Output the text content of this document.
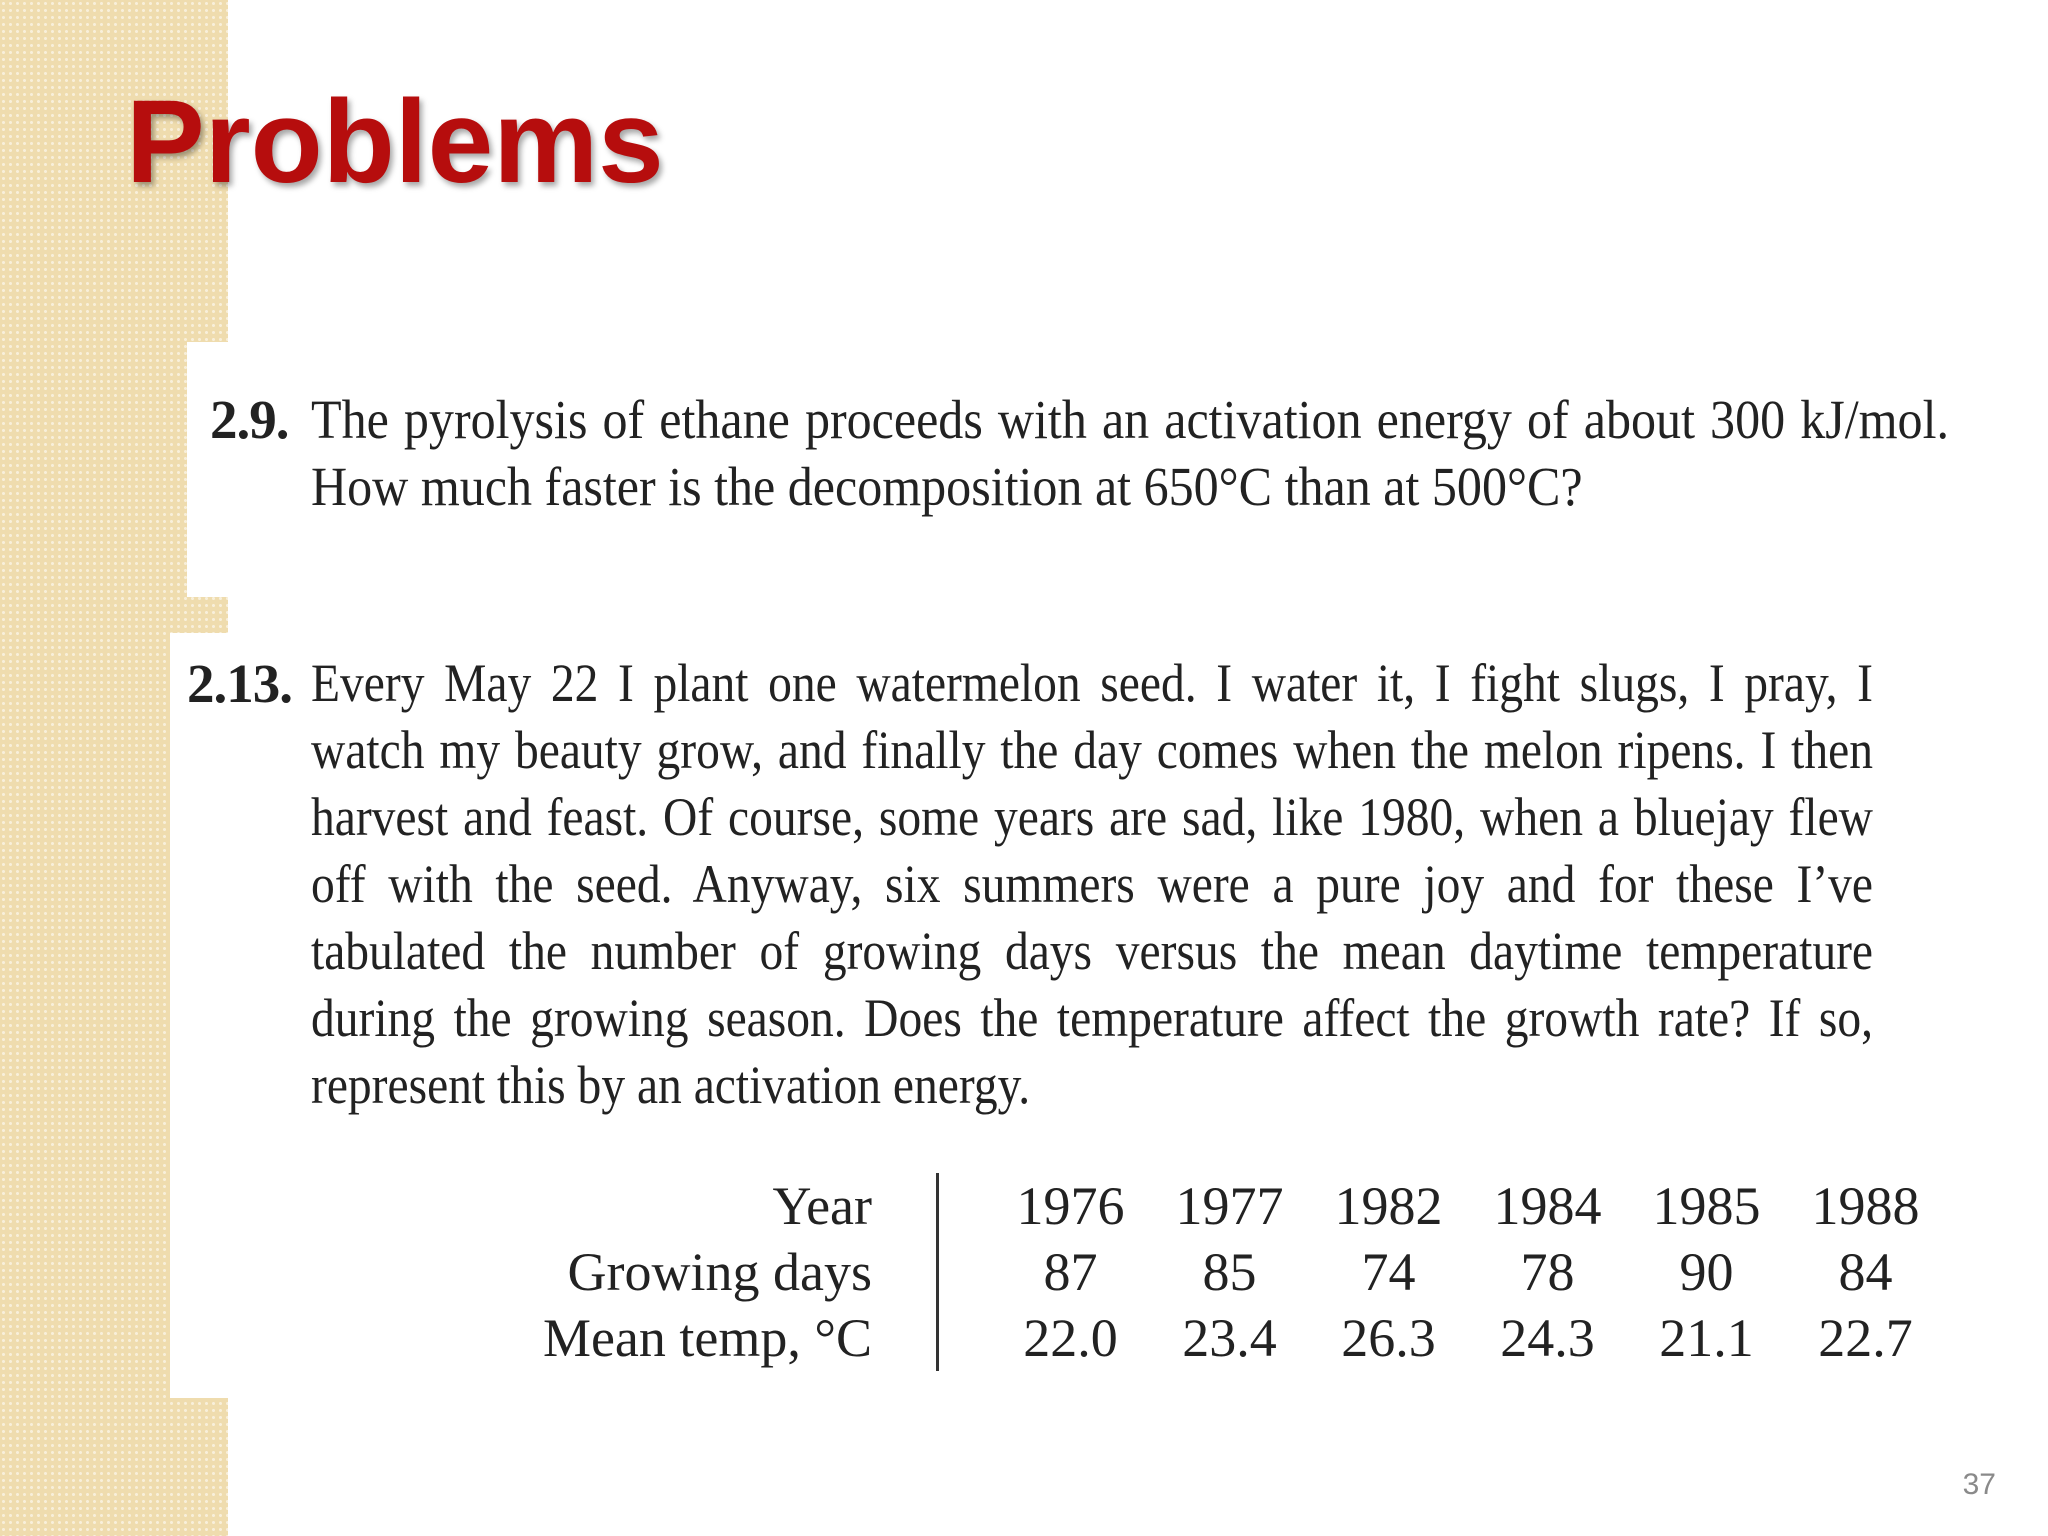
Problems
2.9. The pyrolysis of ethane proceeds with an activation energy of about 300 kJ/mol. How much faster is the decomposition at 650°C than at 500°C?

2.13. Every May 22 I plant one watermelon seed. I water it, I fight slugs, I pray, I watch my beauty grow, and finally the day comes when the melon ripens. I then harvest and feast. Of course, some years are sad, like 1980, when a bluejay flew off with the seed. Anyway, six summers were a pure joy and for these I’ve tabulated the number of growing days versus the mean daytime temperature during the growing season. Does the temperature affect the growth rate? If so, represent this by an activation energy.

Year	1976	1977	1982	1984	1985	1988
Growing days	87	85	74	78	90	84
Mean temp, °C	22.0	23.4	26.3	24.3	21.1	22.7
37
